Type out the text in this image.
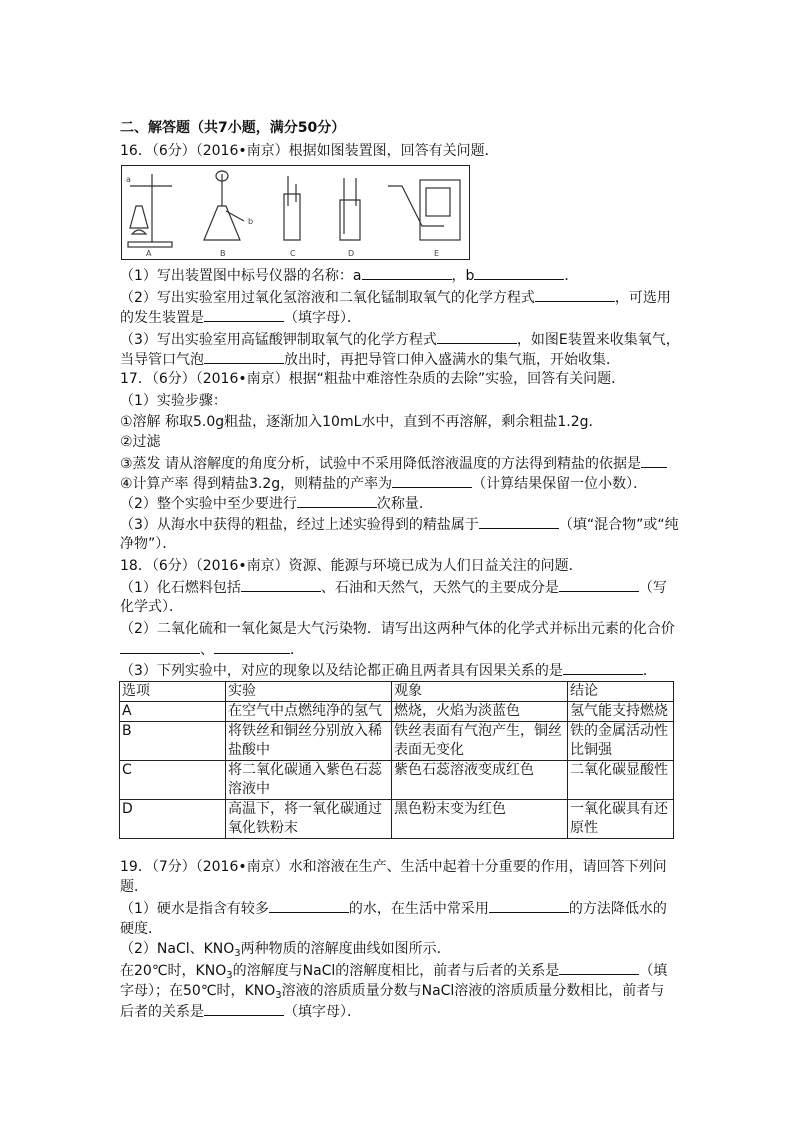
二、解答题（共7小题，满分50分）
16．（6分）（2016•南京）根据如图装置图，回答有关问题．
a
b
A	B	C	D	E
（1）写出装置图中标号仪器的名称：a	，b	．
（2）写出实验室用过氧化氢溶液和二氧化锰制取氧气的化学方程式	，可选用
的发生装置是	（填字母）．
（3）写出实验室用高锰酸钾制取氧气的化学方程式	，如图E装置来收集氧气，
当导管口气泡	放出时，再把导管口伸入盛满水的集气瓶，开始收集．
17．（6分）（2016•南京）根据“粗盐中难溶性杂质的去除”实验，回答有关问题．
（1）实验步骤：
①溶解 称取5.0g粗盐，逐渐加入10mL水中，直到不再溶解，剩余粗盐1.2g．
②过滤
③蒸发 请从溶解度的角度分析，试验中不采用降低溶液温度的方法得到精盐的依据是
④计算产率 得到精盐3.2g，则精盐的产率为	（计算结果保留一位小数）．
（2）整个实验中至少要进行	次称量．
（3）从海水中获得的粗盐，经过上述实验得到的精盐属于	（填“混合物”或“纯
净物”）．
18．（6分）（2016•南京）资源、能源与环境已成为人们日益关注的问题．
（1）化石燃料包括	、石油和天然气，天然气的主要成分是	（写
化学式）．
（2）二氧化硫和一氧化氮是大气污染物．请写出这两种气体的化学式并标出元素的化合价
、	．
（3）下列实验中，对应的现象以及结论都正确且两者具有因果关系的是	．
选项	实验	观象	结论
A	在空气中点燃纯净的氢气	燃烧，火焰为淡蓝色	氢气能支持燃烧
B	将铁丝和铜丝分别放入稀盐酸中	铁丝表面有气泡产生，铜丝表面无变化	铁的金属活动性比铜强
C	将二氧化碳通入紫色石蕊溶液中	紫色石蕊溶液变成红色	二氧化碳显酸性
D	高温下，将一氧化碳通过氧化铁粉末	黑色粉末变为红色	一氧化碳具有还原性
19．（7分）（2016•南京）水和溶液在生产、生活中起着十分重要的作用，请回答下列问
题．
（1）硬水是指含有较多	的水，在生活中常采用	的方法降低水的
硬度．
（2）NaCl、$KNO_3$两种物质的溶解度曲线如图所示．
在20℃时，$KNO_3$的溶解度与NaCl的溶解度相比，前者与后者的关系是	（填
字母）；在50℃时，$KNO_3$溶液的溶质质量分数与NaCl溶液的溶质质量分数相比，前者与
后者的关系是	（填字母）．
